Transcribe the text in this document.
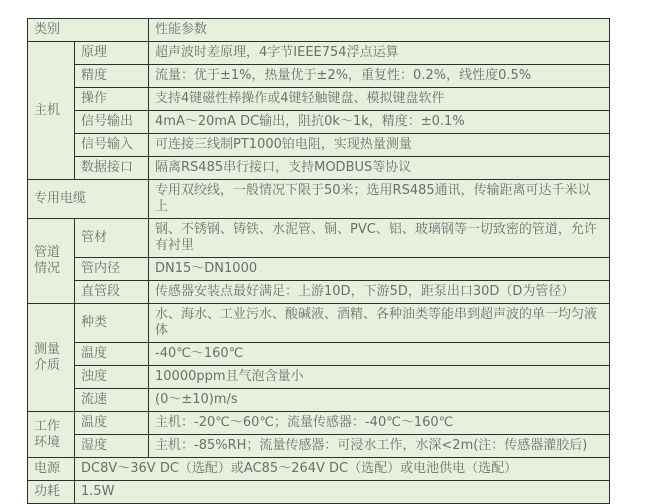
类别		性能参数
主机	原理	超声波时差原理，4字节IEEE754浮点运算
	精度	流量：优于±1%，热量优于±2%，重复性：0.2%，线性度0.5%
	操作	支持4键磁性棒操作或4键轻触键盘、模拟键盘软件
	信号输出	4mA～20mA DC输出，阻抗0k～1k，精度：±0.1%
	信号输入	可连接三线制PT1000铂电阻，实现热量测量
	数据接口	隔离RS485串行接口，支持MODBUS等协议
专用电缆		专用双绞线，一般情况下限于50米；选用RS485通讯，传输距离可达千米以上
管道情况	管材	钢、不锈钢、铸铁、水泥管、铜、PVC、铝、玻璃钢等一切致密的管道，允许有衬里
	管内径	DN15～DN1000
	直管段	传感器安装点最好满足：上游10D，下游5D，距泵出口30D（D为管径）
测量介质	种类	水、海水、工业污水、酸碱液、酒精、各种油类等能串到超声波的单一均匀液体
	温度	-40℃～160℃
	浊度	10000ppm且气泡含量小
	流速	(0～±10)m/s
工作环境	温度	主机：-20℃～60℃；流量传感器：-40℃～160℃
	湿度	主机：-85%RH；流量传感器：可浸水工作，水深<2m(注：传感器灌胶后)
电源	DC8V～36V DC（选配）或AC85～264V DC（选配）或电池供电（选配）	
功耗	1.5W	
